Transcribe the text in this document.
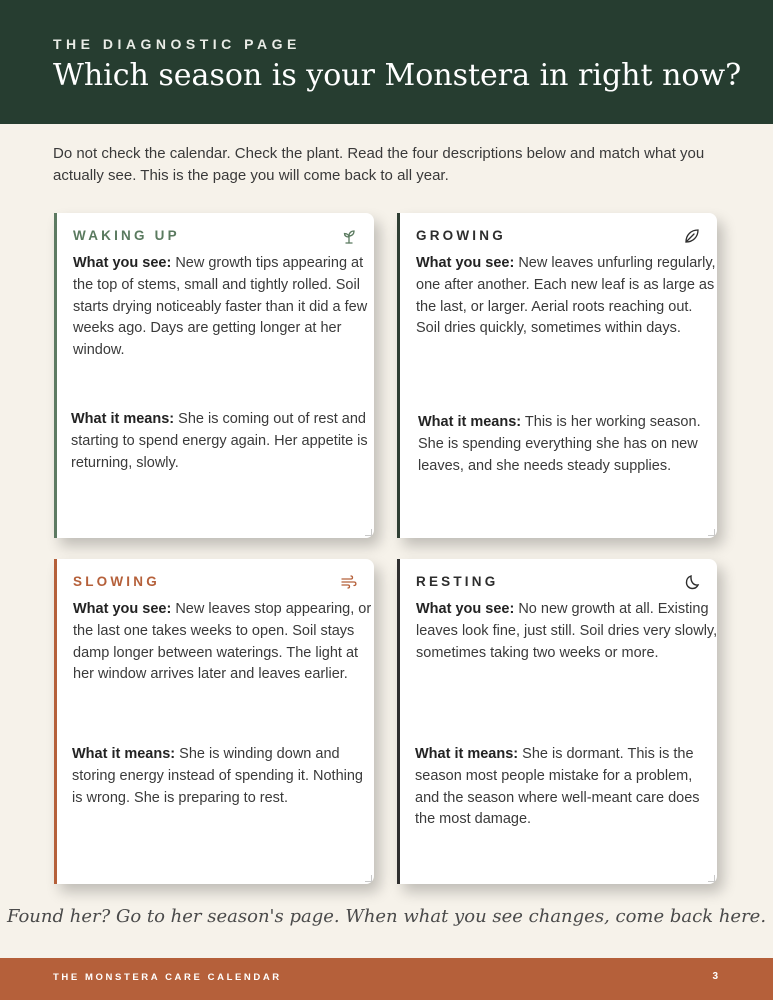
THE DIAGNOSTIC PAGE
Which season is your Monstera in right now?
Do not check the calendar. Check the plant. Read the four descriptions below and match what you actually see. This is the page you will come back to all year.
WAKING UP
What you see: New growth tips appearing at the top of stems, small and tightly rolled. Soil starts drying noticeably faster than it did a few weeks ago. Days are getting longer at her window.
What it means: She is coming out of rest and starting to spend energy again. Her appetite is returning, slowly.
GROWING
What you see: New leaves unfurling regularly, one after another. Each new leaf is as large as the last, or larger. Aerial roots reaching out. Soil dries quickly, sometimes within days.
What it means: This is her working season. She is spending everything she has on new leaves, and she needs steady supplies.
SLOWING
What you see: New leaves stop appearing, or the last one takes weeks to open. Soil stays damp longer between waterings. The light at her window arrives later and leaves earlier.
What it means: She is winding down and storing energy instead of spending it. Nothing is wrong. She is preparing to rest.
RESTING
What you see: No new growth at all. Existing leaves look fine, just still. Soil dries very slowly, sometimes taking two weeks or more.
What it means: She is dormant. This is the season most people mistake for a problem, and the season where well-meant care does the most damage.
Found her? Go to her season's page. When what you see changes, come back here.
THE MONSTERA CARE CALENDAR	3
